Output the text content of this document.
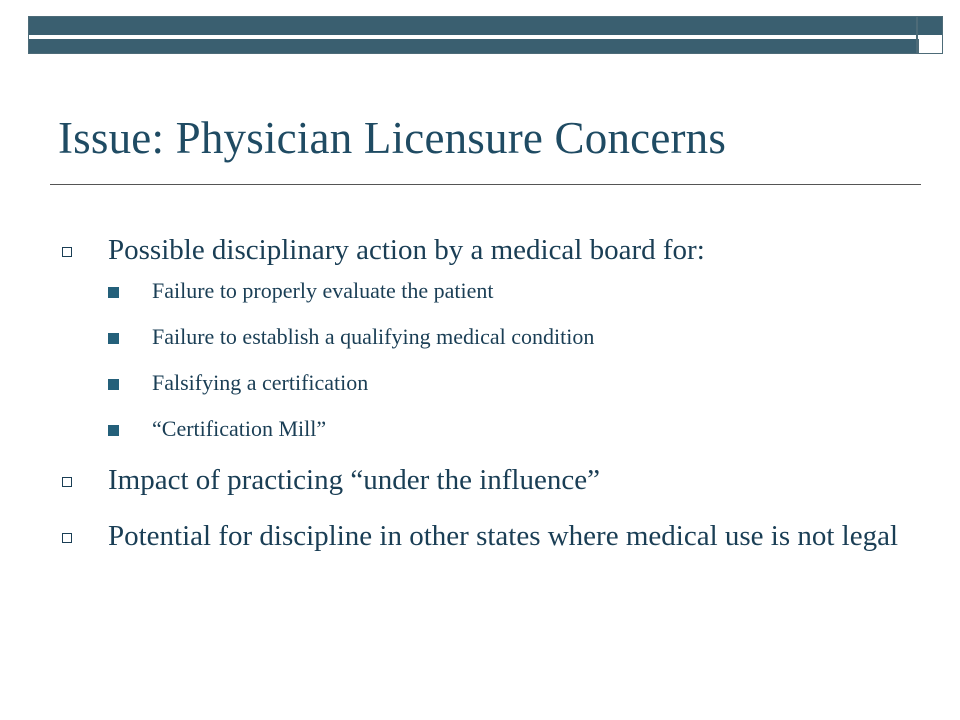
Issue: Physician Licensure Concerns
Possible disciplinary action by a medical board for:
Failure to properly evaluate the patient
Failure to establish a qualifying medical condition
Falsifying a certification
“Certification Mill”
Impact of practicing “under the influence”
Potential for discipline in other states where medical use is not legal
